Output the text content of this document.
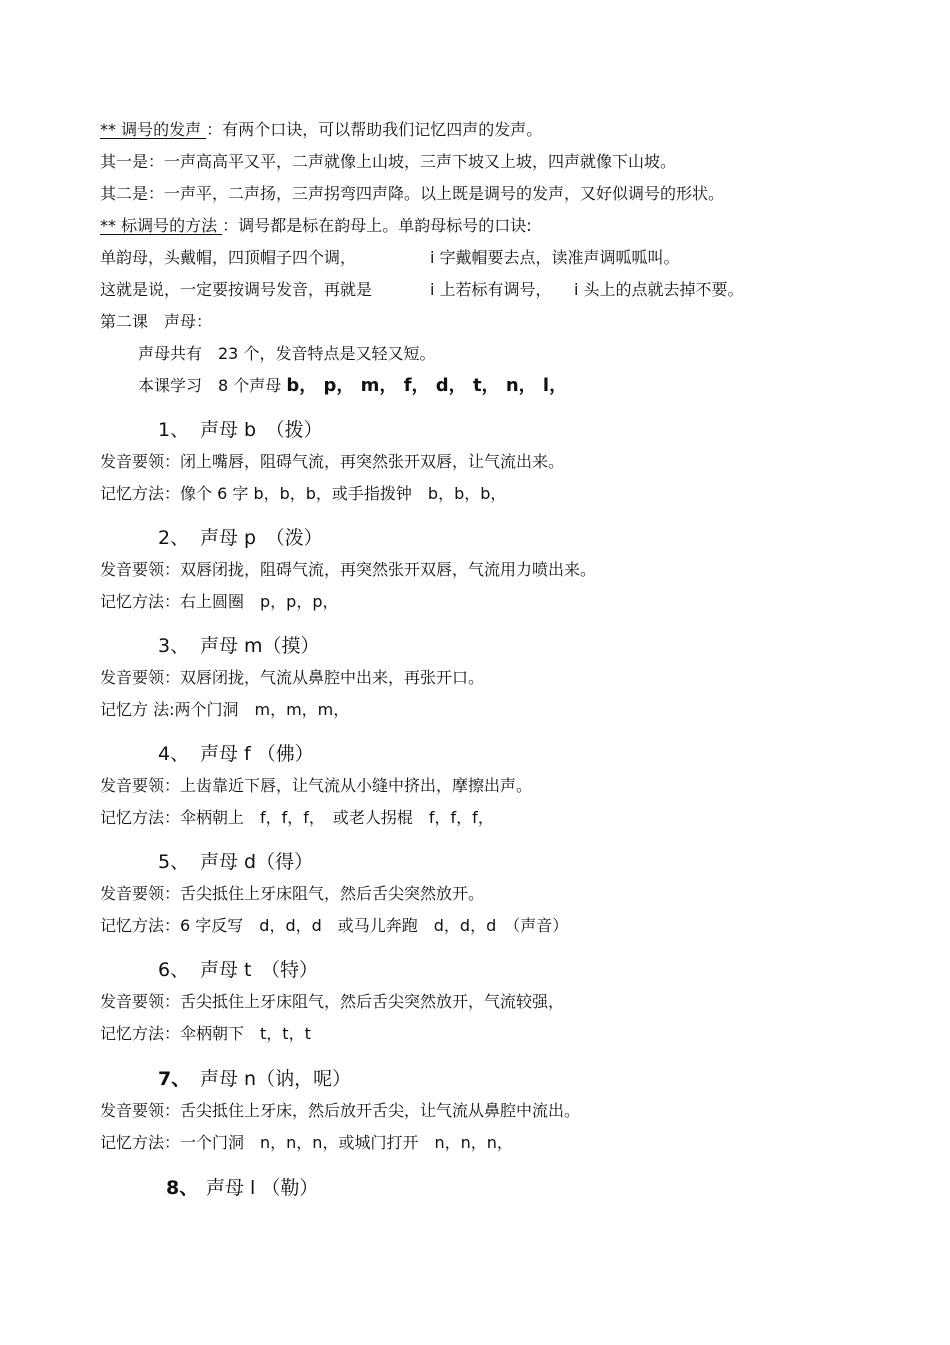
** 调号的发声 ：有两个口诀，可以帮助我们记忆四声的发声。
其一是：一声高高平又平，二声就像上山坡，三声下坡又上坡，四声就像下山坡。
其二是：一声平，二声扬，三声拐弯四声降。以上既是调号的发声，又好似调号的形状。
** 标调号的方法 ：调号都是标在韵母上。单韵母标号的口诀:
单韵母，头戴帽，四顶帽子四个调，	i 字戴帽要去点，读准声调呱呱叫。
这就是说，一定要按调号发音，再就是	i 上若标有调号， i 头上的点就去掉不要。
第二课　声母：
声母共有　23 个，发音特点是又轻又短。
本课学习　8 个声母 b， p， m， f， d， t， n， l，
1、 声母 b　（拨）
发音要领：闭上嘴唇，阻碍气流，再突然张开双唇，让气流出来。
记忆方法：像个 6 字 b，b，b，或手指拨钟　b，b，b，
2、 声母 p　（泼）
发音要领：双唇闭拢，阻碍气流，再突然张开双唇，气流用力喷出来。
记忆方法：右上圆圈　p，p，p，
3、 声母 m（摸）
发音要领：双唇闭拢，气流从鼻腔中出来，再张开口。
记忆方 法:两个门洞　m，m，m，
4、 声母 f （佛）
发音要领：上齿靠近下唇，让气流从小缝中挤出，摩擦出声。
记忆方法：伞柄朝上　f，f，f，　或老人拐棍　f，f，f，
5、 声母 d（得）
发音要领：舌尖抵住上牙床阻气，然后舌尖突然放开。
记忆方法：6 字反写　d，d，d　或马儿奔跑　d，d，d　（声音）
6、 声母 t　（特）
发音要领：舌尖抵住上牙床阻气，然后舌尖突然放开，气流较强，
记忆方法：伞柄朝下　t，t，t
7、 声母 n（讷，呢）
发音要领：舌尖抵住上牙床，然后放开舌尖，让气流从鼻腔中流出。
记忆方法：一个门洞　n，n，n，或城门打开　n，n，n，
8、 声母 l （勒）
